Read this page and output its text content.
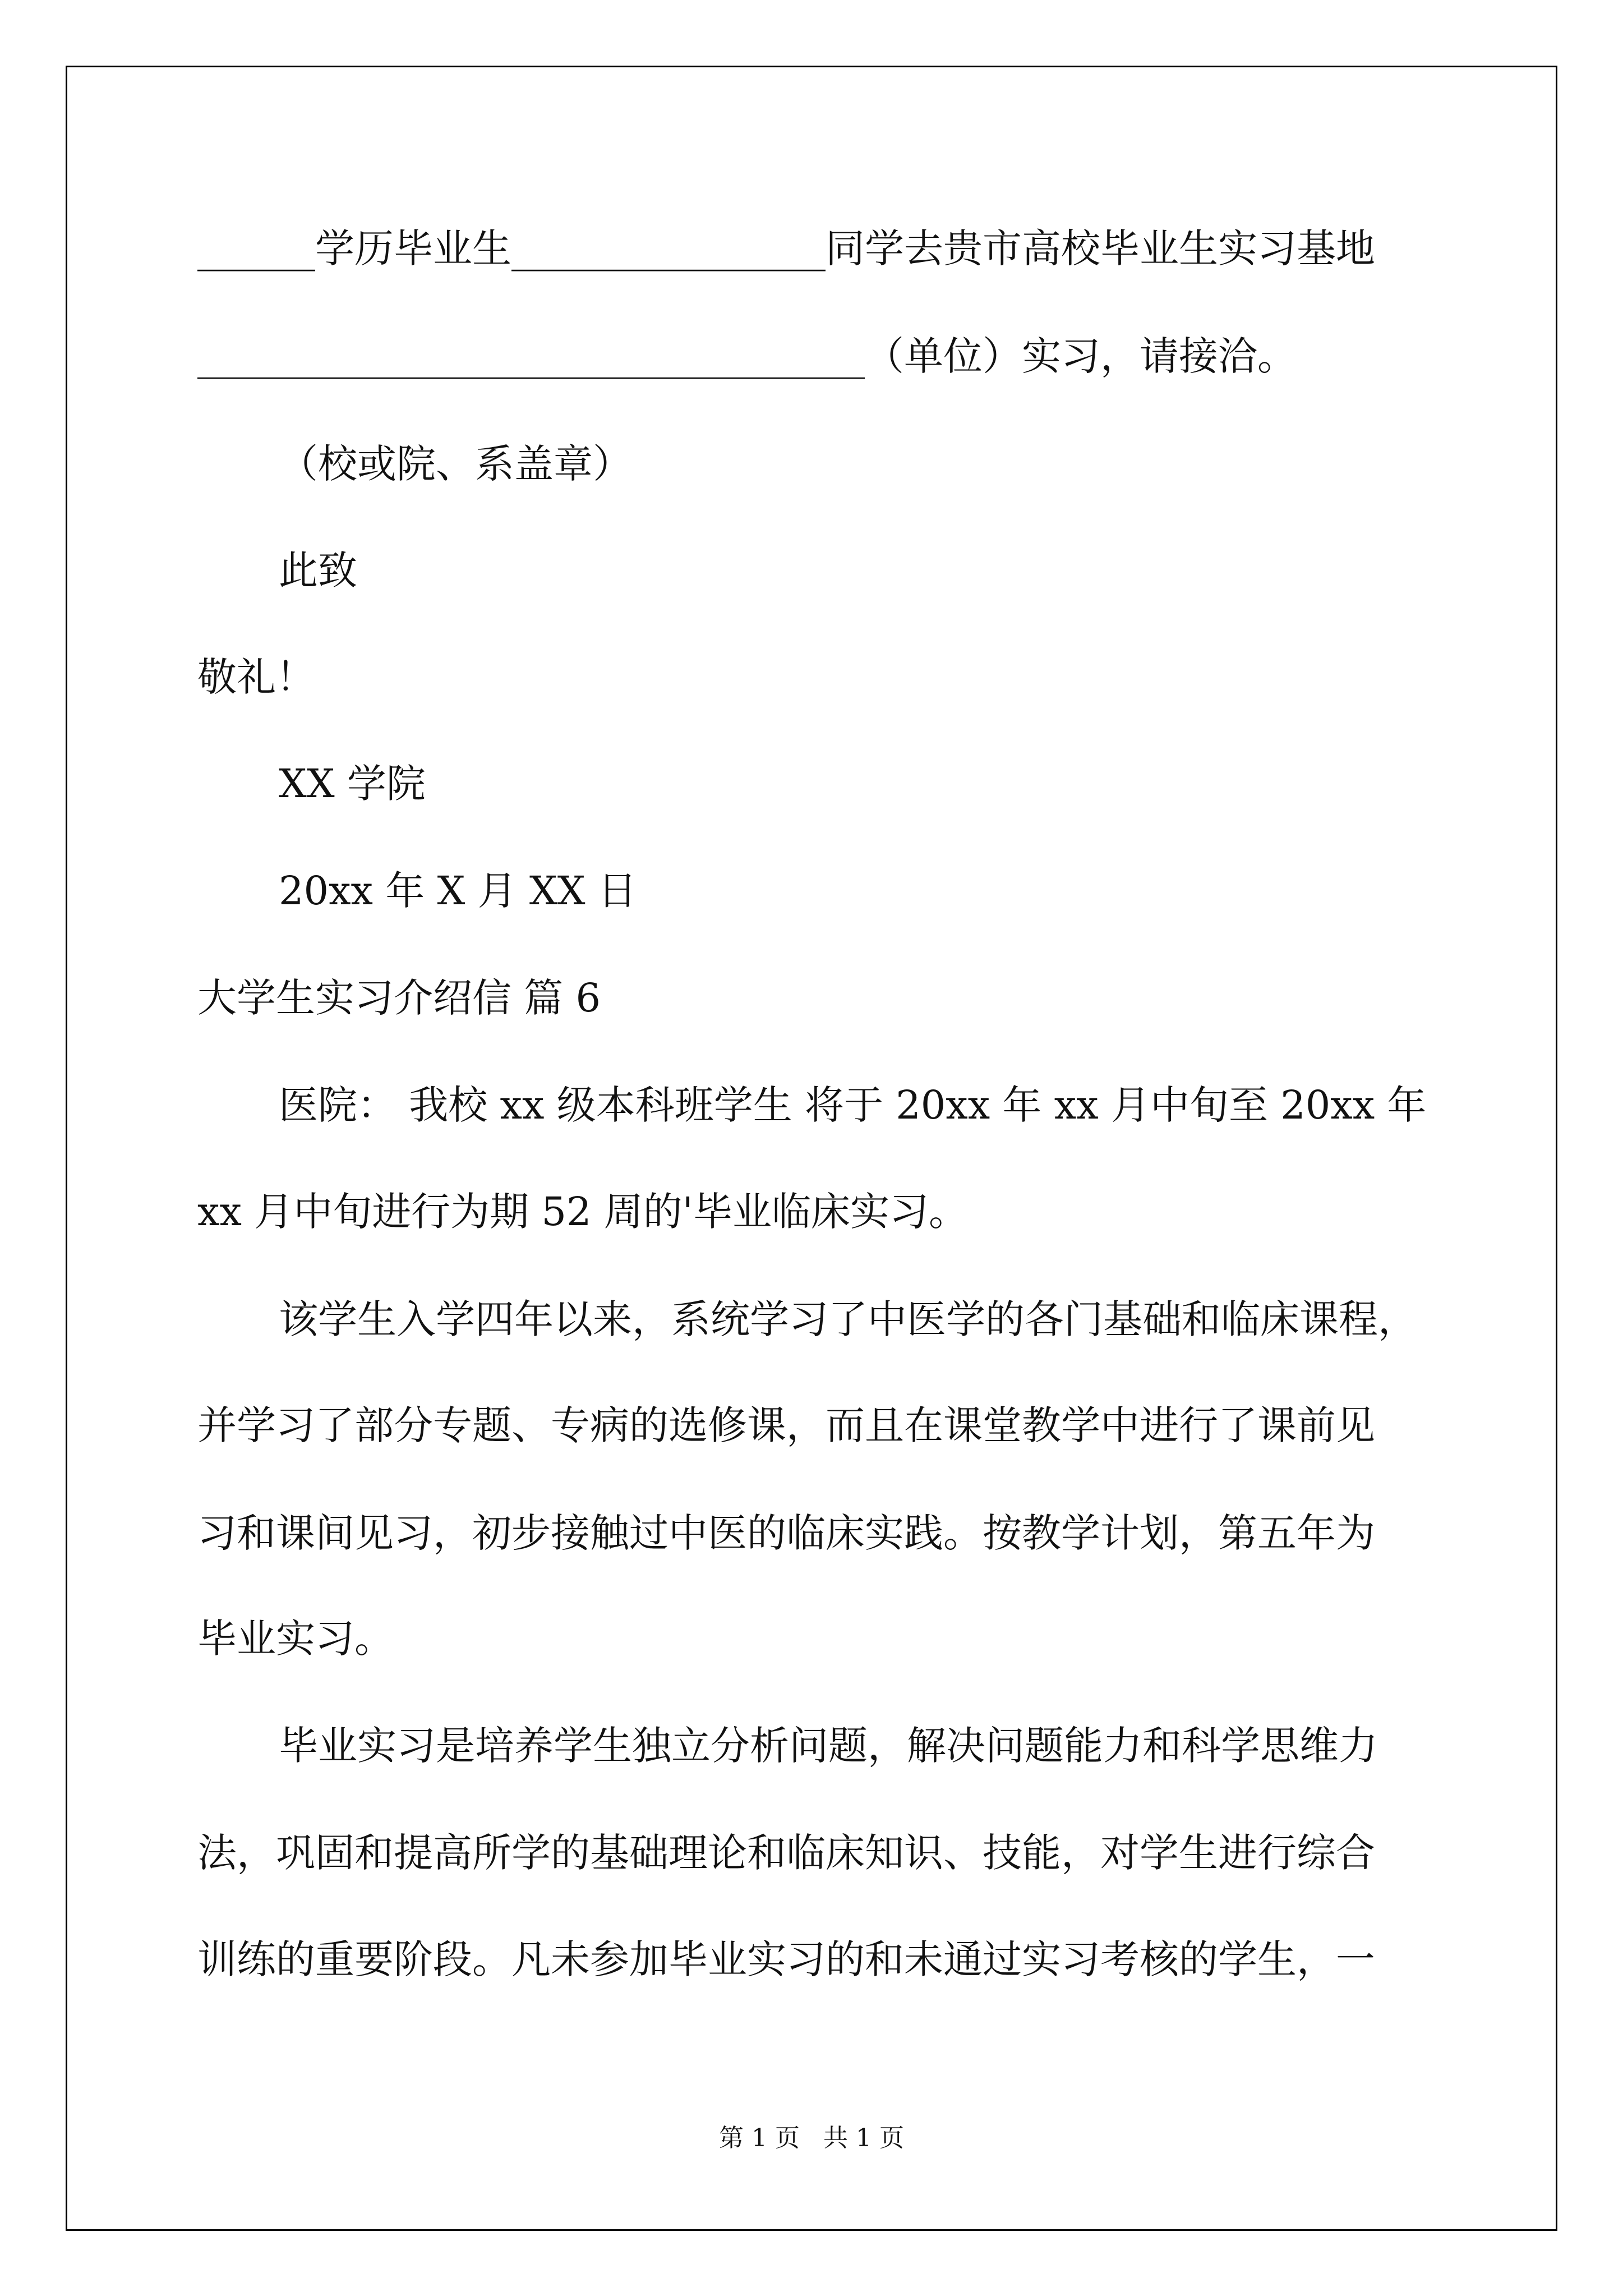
______学历毕业生________________同学去贵市高校毕业生实习基地

__________________________________（单位）实习，请接洽。

（校或院、系盖章）

此致

敬礼！

XX 学院

20xx 年 X 月 XX 日

大学生实习介绍信 篇 6

医院： 我校 xx 级本科班学生 将于 20xx 年 xx 月中旬至 20xx 年

xx 月中旬进行为期 52 周的'毕业临床实习。

该学生入学四年以来，系统学习了中医学的各门基础和临床课程，

并学习了部分专题、专病的选修课，而且在课堂教学中进行了课前见

习和课间见习，初步接触过中医的临床实践。按教学计划，第五年为

毕业实习。

毕业实习是培养学生独立分析问题，解决问题能力和科学思维力

法，巩固和提高所学的基础理论和临床知识、技能，对学生进行综合

训练的重要阶段。凡未参加毕业实习的和未通过实习考核的学生，一

第 1 页   共 1 页
